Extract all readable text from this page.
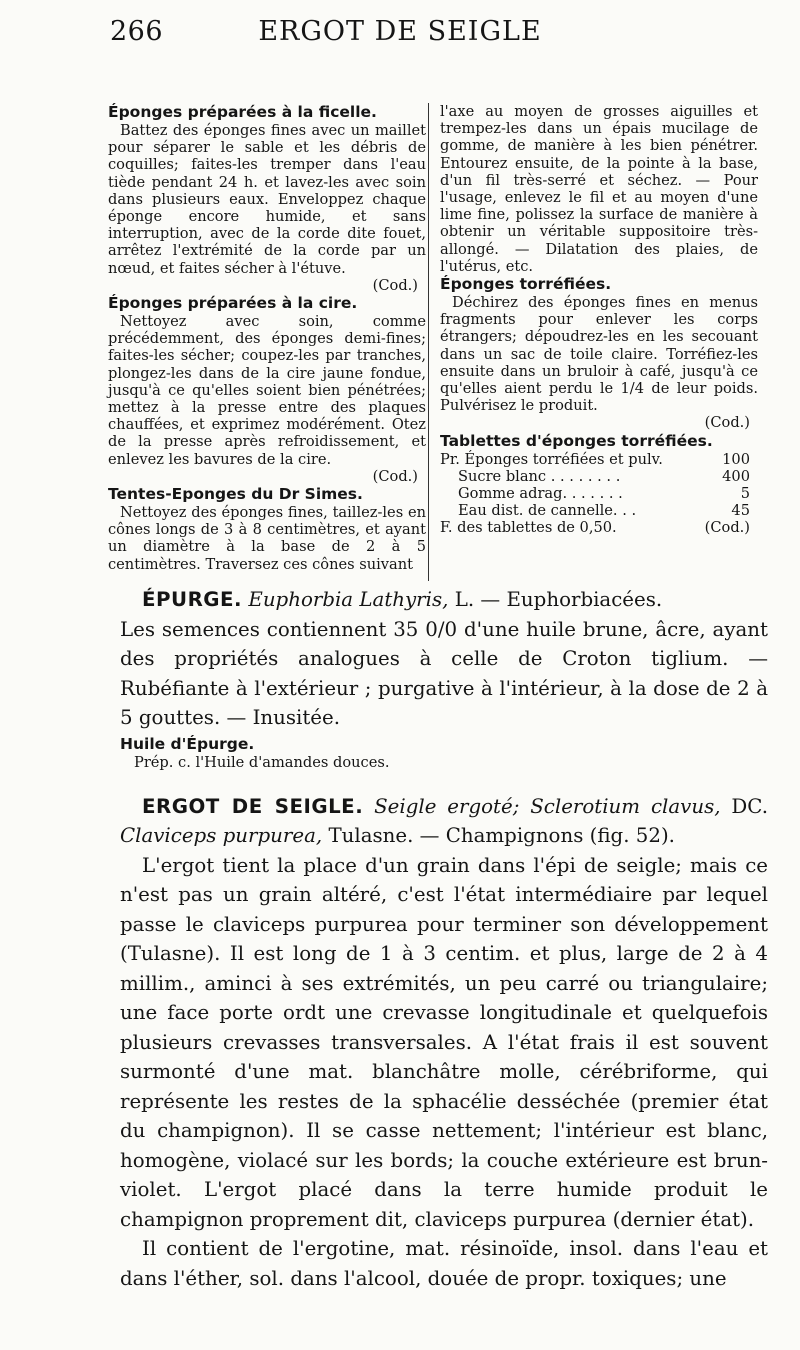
266	ERGOT DE SEIGLE

Éponges préparées à la ficelle.

Battez des éponges fines avec un maillet pour séparer le sable et les débris de coquilles; faites-les tremper dans l'eau tiède pendant 24 h. et lavez-les avec soin dans plusieurs eaux. Enveloppez chaque éponge encore humide, et sans interruption, avec de la corde dite fouet, arrêtez l'extrémité de la corde par un nœud, et faites sécher à l'étuve.

(Cod.)

Éponges préparées à la cire.

Nettoyez avec soin, comme précédemment, des éponges demi-fines; faites-les sécher; coupez-les par tranches, plongez-les dans de la cire jaune fondue, jusqu'à ce qu'elles soient bien pénétrées; mettez à la presse entre des plaques chauffées, et exprimez modérément. Otez de la presse après refroidissement, et enlevez les bavures de la cire.

(Cod.)

Tentes-Eponges du Dr Simes.

Nettoyez des éponges fines, taillez-les en cônes longs de 3 à 8 centimètres, et ayant un diamètre à la base de 2 à 5 centimètres. Traversez ces cônes suivant

l'axe au moyen de grosses aiguilles et trempez-les dans un épais mucilage de gomme, de manière à les bien pénétrer. Entourez ensuite, de la pointe à la base, d'un fil très-serré et séchez. — Pour l'usage, enlevez le fil et au moyen d'une lime fine, polissez la surface de manière à obtenir un véritable suppositoire très-allongé. — Dilatation des plaies, de l'utérus, etc.

Éponges torréfiées.

Déchirez des éponges fines en menus fragments pour enlever les corps étrangers; dépoudrez-les en les secouant dans un sac de toile claire. Torréfiez-les ensuite dans un bruloir à café, jusqu'à ce qu'elles aient perdu le 1/4 de leur poids. Pulvérisez le produit.

(Cod.)

Tablettes d'éponges torréfiées.

Pr. Éponges torréfiées et pulv.	100
Sucre blanc . . . . . . . .	400
Gomme adrag. . . . . . .	5
Eau dist. de cannelle. . .	45
F. des tablettes de 0,50.	(Cod.)

ÉPURGE. Euphorbia Lathyris, L. — Euphorbiacées.

Les semences contiennent 35 0/0 d'une huile brune, âcre, ayant des propriétés analogues à celle de Croton tiglium. — Rubéfiante à l'extérieur ; purgative à l'intérieur, à la dose de 2 à 5 gouttes. — Inusitée.

Huile d'Épurge.

Prép. c. l'Huile d'amandes douces.

ERGOT DE SEIGLE. Seigle ergoté; Sclerotium clavus, DC. Claviceps purpurea, Tulasne. — Champignons (fig. 52).

L'ergot tient la place d'un grain dans l'épi de seigle; mais ce n'est pas un grain altéré, c'est l'état intermédiaire par lequel passe le claviceps purpurea pour terminer son développement (Tulasne). Il est long de 1 à 3 centim. et plus, large de 2 à 4 millim., aminci à ses extrémités, un peu carré ou triangulaire; une face porte ordt une crevasse longitudinale et quelquefois plusieurs crevasses transversales. A l'état frais il est souvent surmonté d'une mat. blanchâtre molle, cérébriforme, qui représente les restes de la sphacélie desséchée (premier état du champignon). Il se casse nettement; l'intérieur est blanc, homogène, violacé sur les bords; la couche extérieure est brun-violet. L'ergot placé dans la terre humide produit le champignon proprement dit, claviceps purpurea (dernier état).

Il contient de l'ergotine, mat. résinoïde, insol. dans l'eau et dans l'éther, sol. dans l'alcool, douée de propr. toxiques; une
